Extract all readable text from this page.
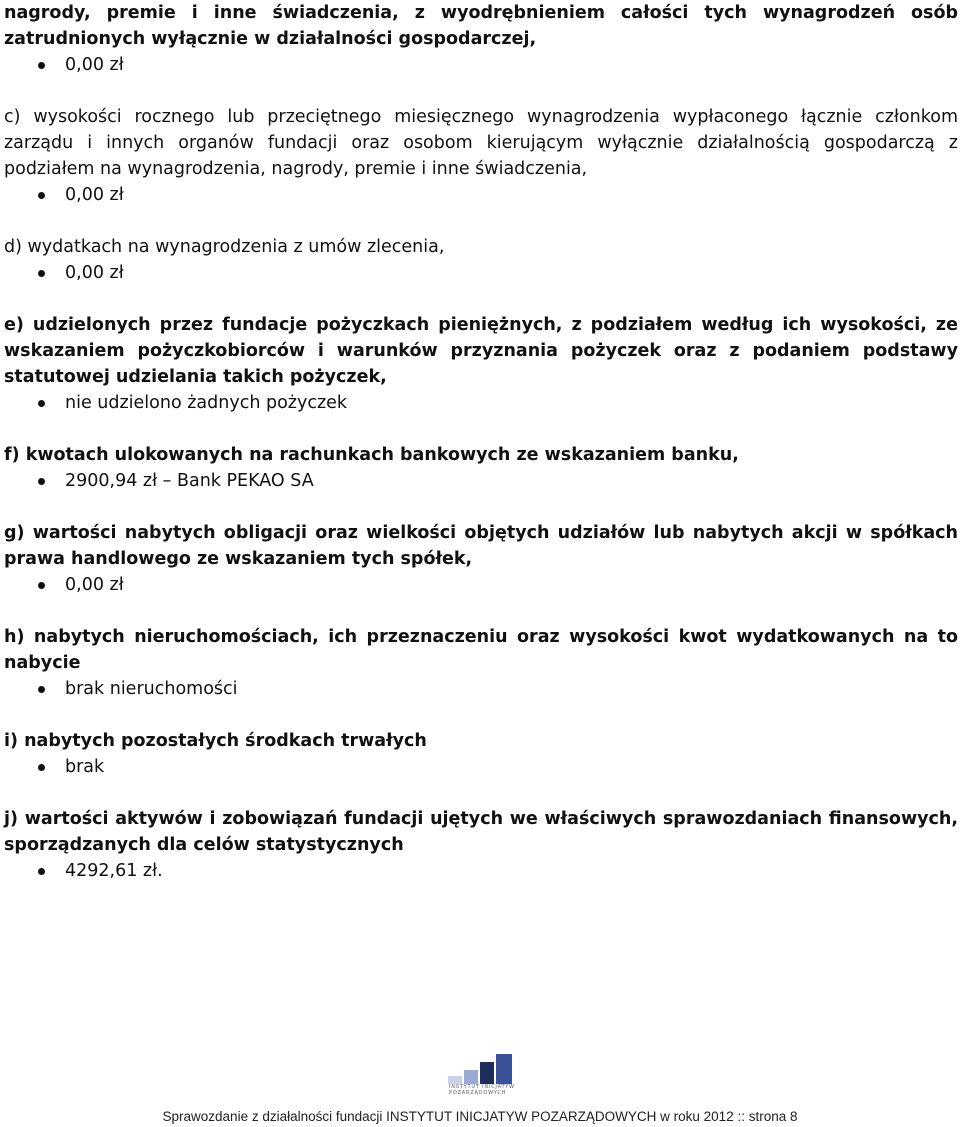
nagrody, premie i inne świadczenia, z wyodrębnieniem całości tych wynagrodzeń osób zatrudnionych wyłącznie w działalności gospodarczej,

0,00 zł

c) wysokości rocznego lub przeciętnego miesięcznego wynagrodzenia wypłaconego łącznie członkom zarządu i innych organów fundacji oraz osobom kierującym wyłącznie działalnością gospodarczą z podziałem na wynagrodzenia, nagrody, premie i inne świadczenia,

0,00 zł

d) wydatkach na wynagrodzenia z umów zlecenia,

0,00 zł

e) udzielonych przez fundacje pożyczkach pieniężnych, z podziałem według ich wysokości, ze wskazaniem pożyczkobiorców i warunków przyznania pożyczek oraz z podaniem podstawy statutowej udzielania takich pożyczek,

nie udzielono żadnych pożyczek

f) kwotach ulokowanych na rachunkach bankowych ze wskazaniem banku,

2900,94 zł – Bank PEKAO SA

g) wartości nabytych obligacji oraz wielkości objętych udziałów lub nabytych akcji w spółkach prawa handlowego ze wskazaniem tych spółek,

0,00 zł

h) nabytych nieruchomościach, ich przeznaczeniu oraz wysokości kwot wydatkowanych na to nabycie

brak nieruchomości

i) nabytych pozostałych środkach trwałych

brak

j) wartości aktywów i zobowiązań fundacji ujętych we właściwych sprawozdaniach finansowych, sporządzanych dla celów statystycznych

4292,61 zł.
INSTYTUT INICJATYW
POZARZĄDOWYCH
Sprawozdanie z działalności fundacji INSTYTUT INICJATYW POZARZĄDOWYCH w roku 2012 :: strona 8
